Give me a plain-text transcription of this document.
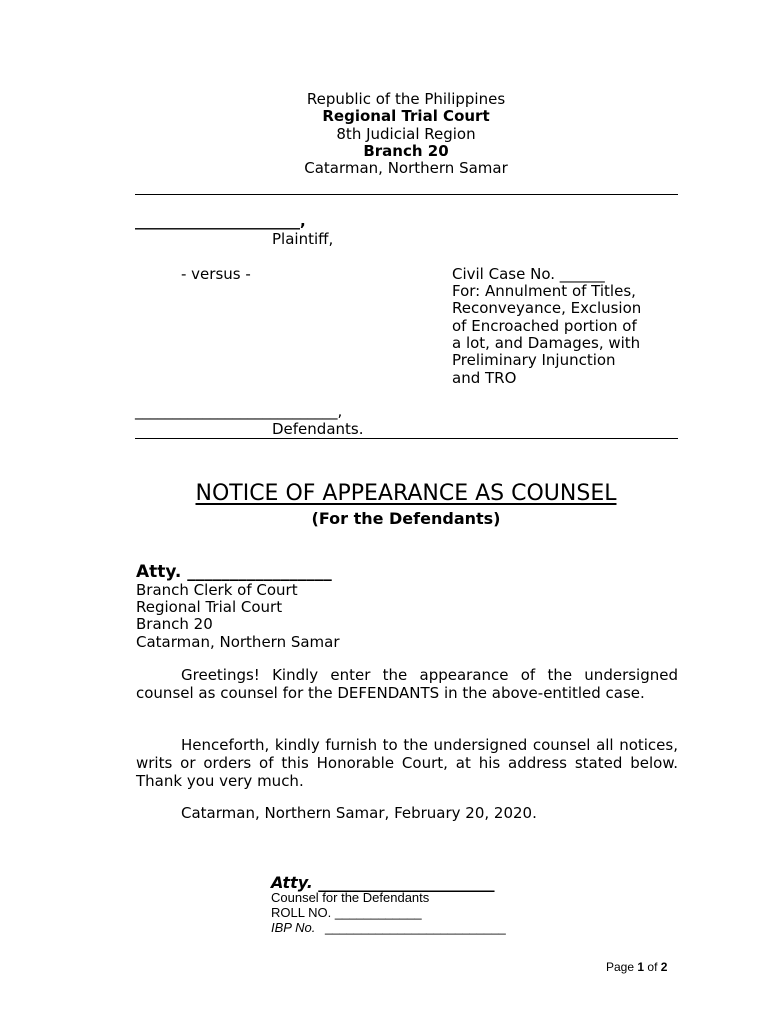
Republic of the Philippines
Regional Trial Court
8th Judicial Region
Branch 20
Catarman, Northern Samar
______________________,
Plaintiff,
- versus -	Civil Case No. ______
For: Annulment of Titles,
Reconveyance, Exclusion
of Encroached portion of
a lot, and Damages, with
Preliminary Injunction
and TRO
___________________________,
Defendants.
NOTICE OF APPEARANCE AS COUNSEL
(For the Defendants)
Atty. _________________
Branch Clerk of Court
Regional Trial Court
Branch 20
Catarman, Northern Samar
Greetings! Kindly enter the appearance of the undersigned counsel as counsel for the DEFENDANTS in the above-entitled case.
Henceforth, kindly furnish to the undersigned counsel all notices, writs or orders of this Honorable Court, at his address stated below. Thank you very much.
Catarman, Northern Samar, February 20, 2020.
Atty. ______________________
Counsel for the Defendants
ROLL NO. ____________
IBP No. _________________________
Page 1 of 2
